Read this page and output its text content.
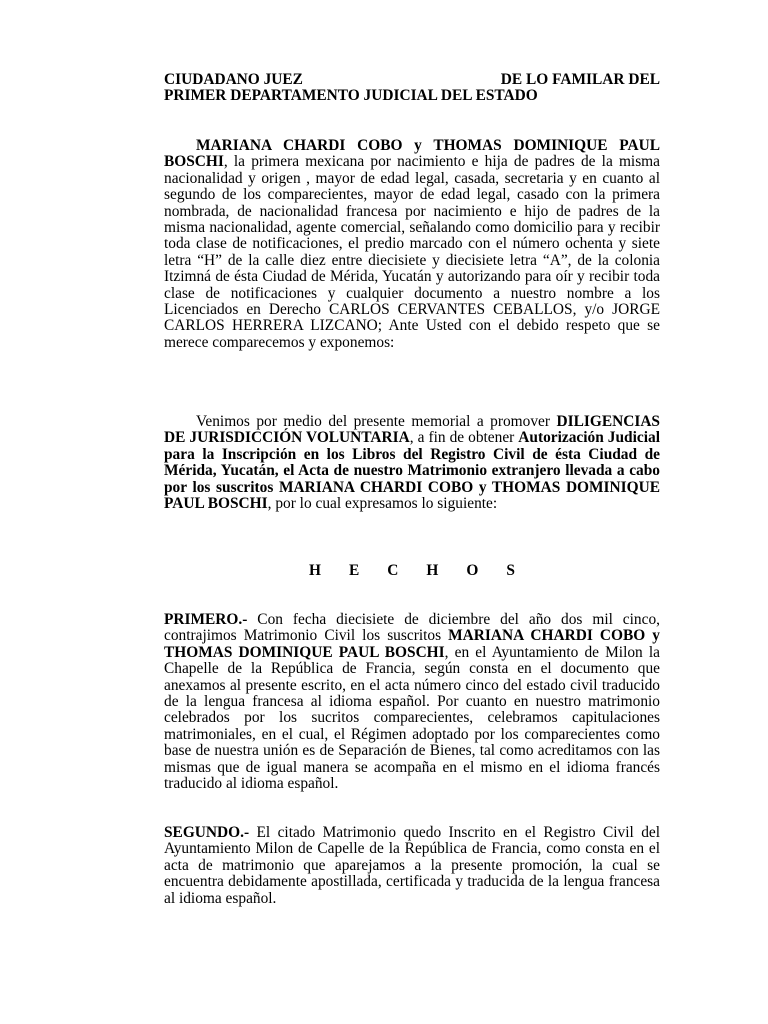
CIUDADANO JUEZ	DE LO FAMILAR DEL
PRIMER DEPARTAMENTO JUDICIAL DEL ESTADO
MARIANA CHARDI COBO y THOMAS DOMINIQUE PAUL BOSCHI, la primera mexicana por nacimiento e hija de padres de la misma nacionalidad y origen , mayor de edad legal, casada, secretaria y en cuanto al segundo de los comparecientes, mayor de edad legal, casado con la primera nombrada, de nacionalidad francesa por nacimiento e hijo de padres de la misma nacionalidad, agente comercial, señalando como domicilio para y recibir toda clase de notificaciones, el predio marcado con el número ochenta y siete letra “H” de la calle diez entre diecisiete y diecisiete letra “A”, de la colonia Itzimná de ésta Ciudad de Mérida, Yucatán y autorizando para oír y recibir toda clase de notificaciones y cualquier documento a nuestro nombre a los Licenciados en Derecho CARLOS CERVANTES CEBALLOS, y/o JORGE CARLOS HERRERA LIZCANO; Ante Usted con el debido respeto que se merece comparecemos y exponemos:
Venimos por medio del presente memorial a promover DILIGENCIAS DE JURISDICCIÓN VOLUNTARIA, a fin de obtener Autorización Judicial para la Inscripción en los Libros del Registro Civil de ésta Ciudad de Mérida, Yucatán, el Acta de nuestro Matrimonio extranjero llevada a cabo por los suscritos MARIANA CHARDI COBO y THOMAS DOMINIQUE PAUL BOSCHI, por lo cual expresamos lo siguiente:
H E C H O S
PRIMERO.- Con fecha diecisiete de diciembre del año dos mil cinco, contrajimos Matrimonio Civil los suscritos MARIANA CHARDI COBO y THOMAS DOMINIQUE PAUL BOSCHI, en el Ayuntamiento de Milon la Chapelle de la República de Francia, según consta en el documento que anexamos al presente escrito, en el acta número cinco del estado civil traducido de la lengua francesa al idioma español. Por cuanto en nuestro matrimonio celebrados por los sucritos comparecientes, celebramos capitulaciones matrimoniales, en el cual, el Régimen adoptado por los comparecientes como base de nuestra unión es de Separación de Bienes, tal como acreditamos con las mismas que de igual manera se acompaña en el mismo en el idioma francés traducido al idioma español.
SEGUNDO.- El citado Matrimonio quedo Inscrito en el Registro Civil del Ayuntamiento Milon de Capelle de la República de Francia, como consta en el acta de matrimonio que aparejamos a la presente promoción, la cual se encuentra debidamente apostillada, certificada y traducida de la lengua francesa al idioma español.
